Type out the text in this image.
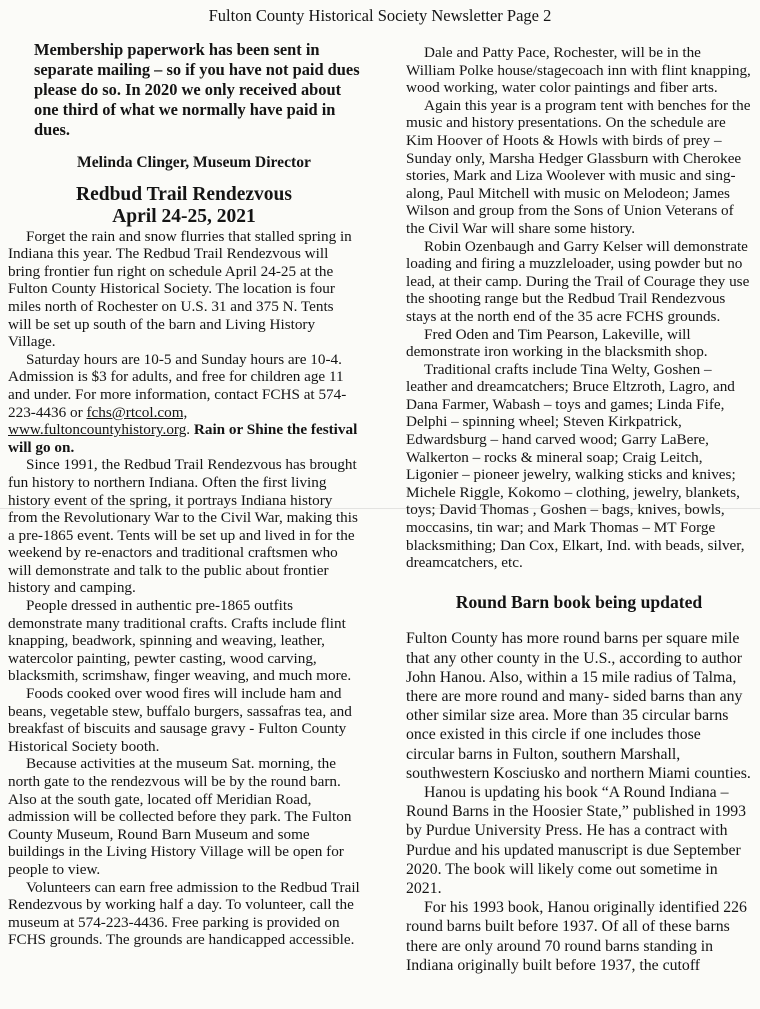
Fulton County Historical Society Newsletter Page 2

Membership paperwork has been sent in separate mailing – so if you have not paid dues please do so. In 2020 we only received about one third of what we normally have paid in dues.

Melinda Clinger, Museum Director

Redbud Trail Rendezvous

April 24-25, 2021

Forget the rain and snow flurries that stalled spring in Indiana this year. The Redbud Trail Rendezvous will bring frontier fun right on schedule April 24-25 at the Fulton County Historical Society. The location is four miles north of Rochester on U.S. 31 and 375 N. Tents will be set up south of the barn and Living History Village.

Saturday hours are 10-5 and Sunday hours are 10-4. Admission is $3 for adults, and free for children age 11 and under. For more information, contact FCHS at 574-223-4436 or fchs@rtcol.com, www.fultoncountyhistory.org. Rain or Shine the festival will go on.

Since 1991, the Redbud Trail Rendezvous has brought fun history to northern Indiana. Often the first living history event of the spring, it portrays Indiana history from the Revolutionary War to the Civil War, making this a pre-1865 event. Tents will be set up and lived in for the weekend by re-enactors and traditional craftsmen who will demonstrate and talk to the public about frontier history and camping.

People dressed in authentic pre-1865 outfits demonstrate many traditional crafts. Crafts include flint knapping, beadwork, spinning and weaving, leather, watercolor painting, pewter casting, wood carving, blacksmith, scrimshaw, finger weaving, and much more.

Foods cooked over wood fires will include ham and beans, vegetable stew, buffalo burgers, sassafras tea, and breakfast of biscuits and sausage gravy - Fulton County Historical Society booth.

Because activities at the museum Sat. morning, the north gate to the rendezvous will be by the round barn. Also at the south gate, located off Meridian Road, admission will be collected before they park. The Fulton County Museum, Round Barn Museum and some buildings in the Living History Village will be open for people to view.

Volunteers can earn free admission to the Redbud Trail Rendezvous by working half a day. To volunteer, call the museum at 574-223-4436. Free parking is provided on FCHS grounds. The grounds are handicapped accessible.

Dale and Patty Pace, Rochester, will be in the William Polke house/stagecoach inn with flint knapping, wood working, water color paintings and fiber arts.

Again this year is a program tent with benches for the music and history presentations. On the schedule are Kim Hoover of Hoots & Howls with birds of prey – Sunday only, Marsha Hedger Glassburn with Cherokee stories, Mark and Liza Woolever with music and sing-along, Paul Mitchell with music on Melodeon; James Wilson and group from the Sons of Union Veterans of the Civil War will share some history.

Robin Ozenbaugh and Garry Kelser will demonstrate loading and firing a muzzleloader, using powder but no lead, at their camp. During the Trail of Courage they use the shooting range but the Redbud Trail Rendezvous stays at the north end of the 35 acre FCHS grounds.

Fred Oden and Tim Pearson, Lakeville, will demonstrate iron working in the blacksmith shop.

Traditional crafts include Tina Welty, Goshen – leather and dreamcatchers; Bruce Eltzroth, Lagro, and Dana Farmer, Wabash – toys and games; Linda Fife, Delphi – spinning wheel; Steven Kirkpatrick, Edwardsburg – hand carved wood; Garry LaBere, Walkerton – rocks & mineral soap; Craig Leitch, Ligonier – pioneer jewelry, walking sticks and knives; Michele Riggle, Kokomo – clothing, jewelry, blankets, toys; David Thomas , Goshen – bags, knives, bowls, moccasins, tin war; and Mark Thomas – MT Forge blacksmithing; Dan Cox, Elkart, Ind. with beads, silver, dreamcatchers, etc.

Round Barn book being updated

Fulton County has more round barns per square mile that any other county in the U.S., according to author John Hanou. Also, within a 15 mile radius of Talma, there are more round and many- sided barns than any other similar size area. More than 35 circular barns once existed in this circle if one includes those circular barns in Fulton, southern Marshall, southwestern Kosciusko and northern Miami counties.

Hanou is updating his book “A Round Indiana – Round Barns in the Hoosier State,” published in 1993 by Purdue University Press. He has a contract with Purdue and his updated manuscript is due September 2020. The book will likely come out sometime in 2021.

For his 1993 book, Hanou originally identified 226 round barns built before 1937. Of all of these barns there are only around 70 round barns standing in Indiana originally built before 1937, the cutoff
